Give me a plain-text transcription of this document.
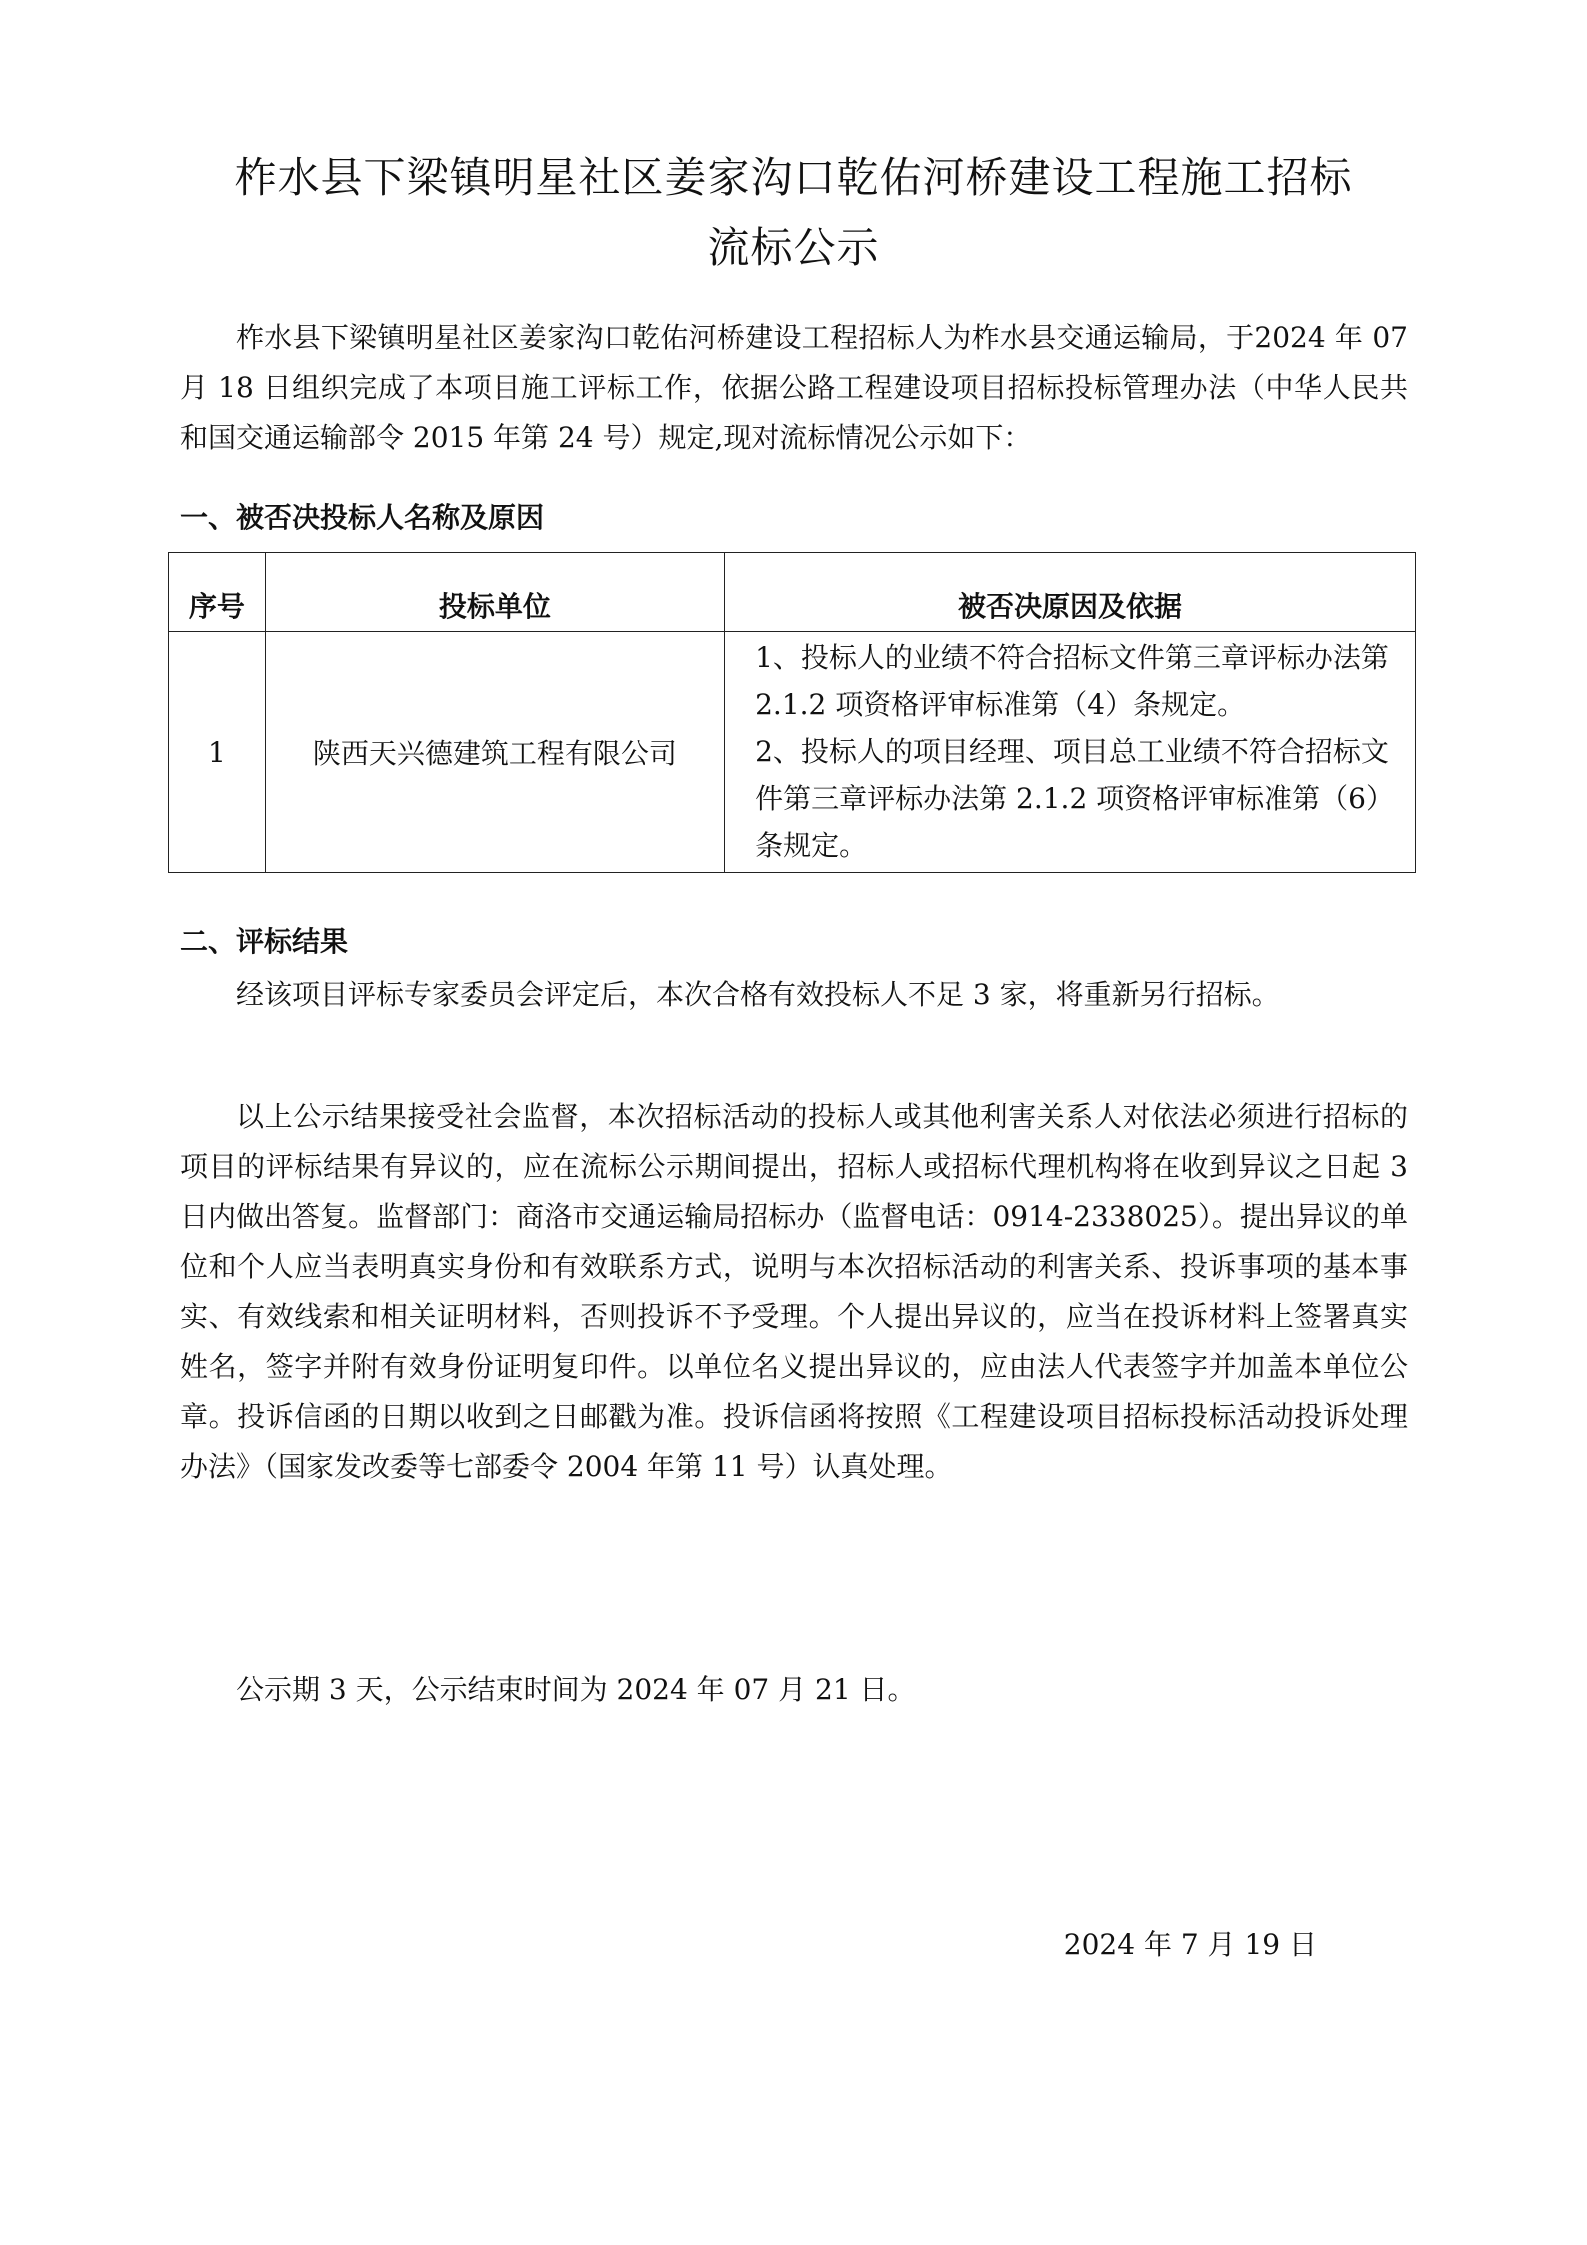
柞水县下梁镇明星社区姜家沟口乾佑河桥建设工程施工招标
流标公示
柞水县下梁镇明星社区姜家沟口乾佑河桥建设工程招标人为柞水县交通运输局，于2024 年 07 月 18 日组织完成了本项目施工评标工作，依据公路工程建设项目招标投标管理办法（中华人民共和国交通运输部令 2015 年第 24 号）规定,现对流标情况公示如下：
一、被否决投标人名称及原因
序号	投标单位	被否决原因及依据
1	陕西天兴德建筑工程有限公司	1、投标人的业绩不符合招标文件第三章评标办法第 2.1.2 项资格评审标准第（4）条规定。
2、投标人的项目经理、项目总工业绩不符合招标文件第三章评标办法第 2.1.2 项资格评审标准第（6）条规定。
二、评标结果
经该项目评标专家委员会评定后，本次合格有效投标人不足 3 家，将重新另行招标。
以上公示结果接受社会监督，本次招标活动的投标人或其他利害关系人对依法必须进行招标的项目的评标结果有异议的，应在流标公示期间提出，招标人或招标代理机构将在收到异议之日起 3 日内做出答复。监督部门：商洛市交通运输局招标办（监督电话：0914-2338025）。提出异议的单位和个人应当表明真实身份和有效联系方式，说明与本次招标活动的利害关系、投诉事项的基本事实、有效线索和相关证明材料，否则投诉不予受理。个人提出异议的，应当在投诉材料上签署真实姓名，签字并附有效身份证明复印件。以单位名义提出异议的，应由法人代表签字并加盖本单位公章。投诉信函的日期以收到之日邮戳为准。投诉信函将按照《工程建设项目招标投标活动投诉处理办法》（国家发改委等七部委令 2004 年第 11 号）认真处理。
公示期 3 天，公示结束时间为 2024 年 07 月 21 日。
2024 年 7 月 19 日
